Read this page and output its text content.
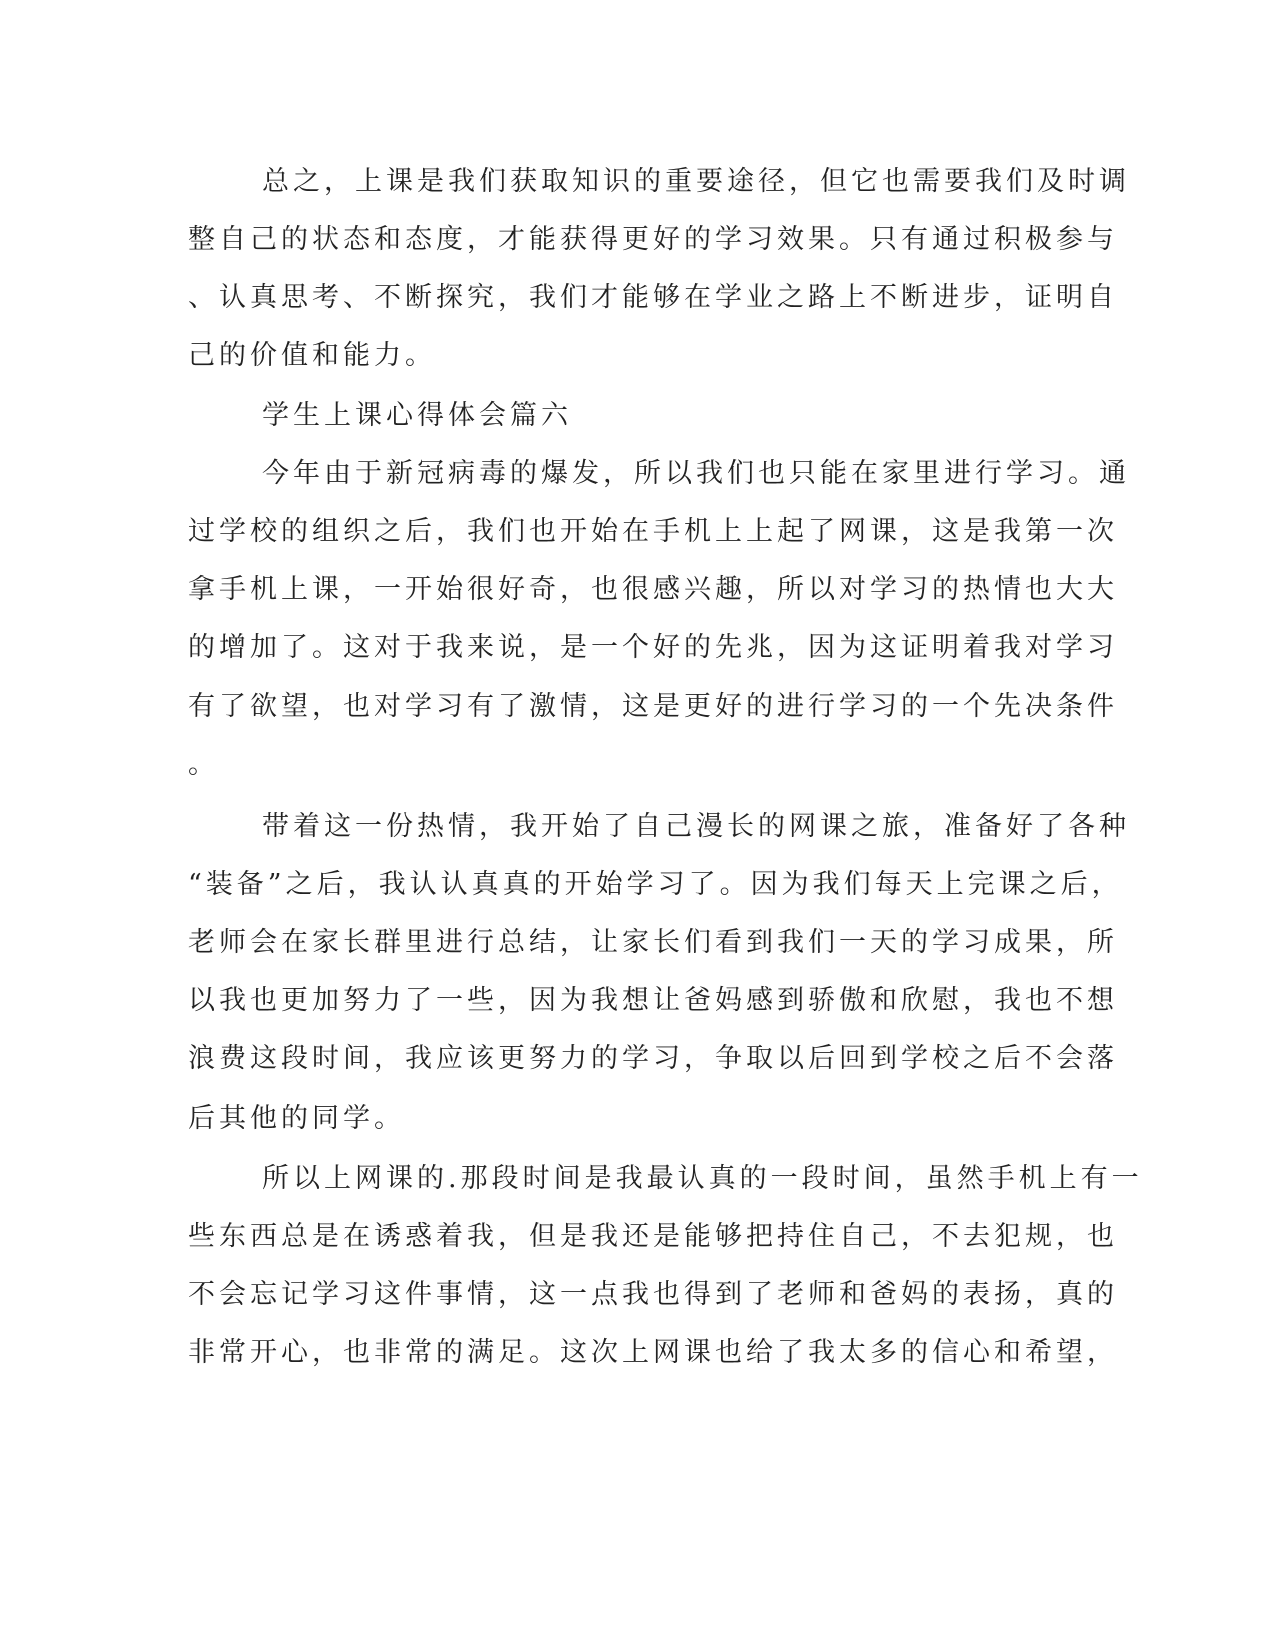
总之，上课是我们获取知识的重要途径，但它也需要我们及时调

整自己的状态和态度，才能获得更好的学习效果。只有通过积极参与

、认真思考、不断探究，我们才能够在学业之路上不断进步，证明自

己的价值和能力。

学生上课心得体会篇六

今年由于新冠病毒的爆发，所以我们也只能在家里进行学习。通

过学校的组织之后，我们也开始在手机上上起了网课，这是我第一次

拿手机上课，一开始很好奇，也很感兴趣，所以对学习的热情也大大

的增加了。这对于我来说，是一个好的先兆，因为这证明着我对学习

有了欲望，也对学习有了激情，这是更好的进行学习的一个先决条件

。

带着这一份热情，我开始了自己漫长的网课之旅，准备好了各种

“装备”之后，我认认真真的开始学习了。因为我们每天上完课之后，

老师会在家长群里进行总结，让家长们看到我们一天的学习成果，所

以我也更加努力了一些，因为我想让爸妈感到骄傲和欣慰，我也不想

浪费这段时间，我应该更努力的学习，争取以后回到学校之后不会落

后其他的同学。

所以上网课的.那段时间是我最认真的一段时间，虽然手机上有一

些东西总是在诱惑着我，但是我还是能够把持住自己，不去犯规，也

不会忘记学习这件事情，这一点我也得到了老师和爸妈的表扬，真的

非常开心，也非常的满足。这次上网课也给了我太多的信心和希望，
